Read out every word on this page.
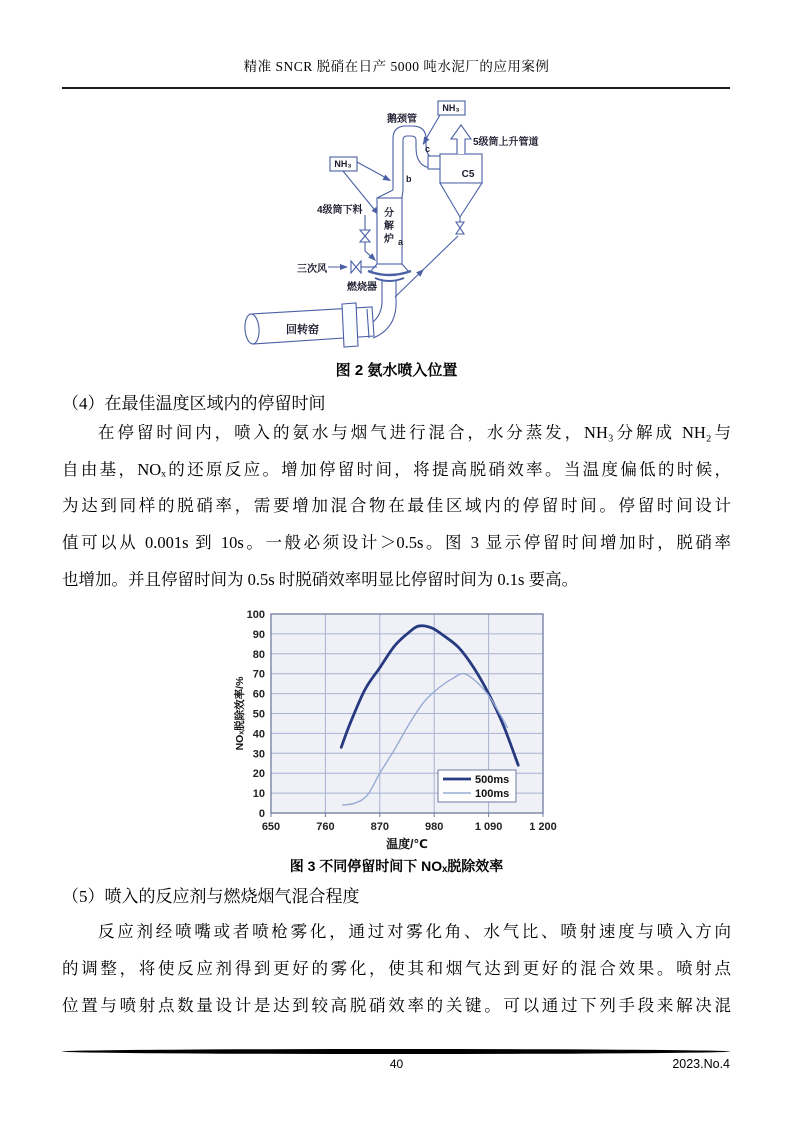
精准 SNCR 脱硝在日产 5000 吨水泥厂的应用案例
NH₃
NH₃
鹅颈管
5级筒上升管道
C5
4级筒下料 分
解
炉 a
b
c
三次风
燃烧器
回转窑
图 2 氨水喷入位置
（4）在最佳温度区域内的停留时间
在停留时间内，喷入的氨水与烟气进行混合，水分蒸发，NH₃分解成 NH₂与
自由基，NOₓ的还原反应。增加停留时间，将提高脱硝效率。当温度偏低的时候，
为达到同样的脱硝率，需要增加混合物在最佳区域内的停留时间。停留时间设计
值可以从 0.001s 到 10s。一般必须设计＞0.5s。图 3 显示停留时间增加时，脱硝率
也增加。并且停留时间为 0.5s 时脱硝效率明显比停留时间为 0.1s 要高。
0
10
20
30
40
50
60
70
80
90
100
650	760	870	980	1 090 1 200
温度/℃
NOₓ脱除效率/%
500ms
100ms
图 3 不同停留时间下 NOₓ脱除效率
（5）喷入的反应剂与燃烧烟气混合程度
反应剂经喷嘴或者喷枪雾化，通过对雾化角、水气比、喷射速度与喷入方向
的调整，将使反应剂得到更好的雾化，使其和烟气达到更好的混合效果。喷射点
位置与喷射点数量设计是达到较高脱硝效率的关键。可以通过下列手段来解决混
40	2023.No.4
